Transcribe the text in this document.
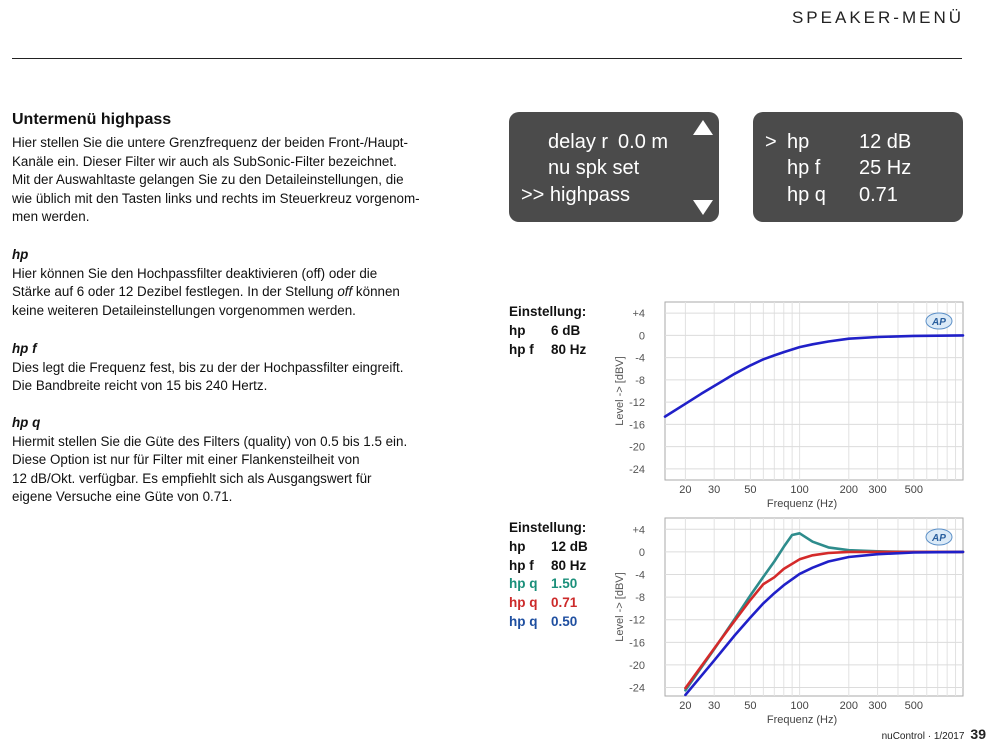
SPEAKER-MENÜ
Untermenü highpass

Hier stellen Sie die untere Grenzfrequenz der beiden Front-/Haupt-

Kanäle ein. Dieser Filter wir auch als SubSonic-Filter bezeichnet.

Mit der Auswahltaste gelangen Sie zu den Detaileinstellungen, die

wie üblich mit den Tasten links und rechts im Steuerkreuz vorgenom-

men werden.

hp

Hier können Sie den Hochpassfilter deaktivieren (off) oder die

Stärke auf 6 oder 12 Dezibel festlegen. In der Stellung off können

keine weiteren Detaileinstellungen vorgenommen werden.

hp f

Dies legt die Frequenz fest, bis zu der der Hochpassfilter eingreift.

Die Bandbreite reicht von 15 bis 240 Hertz.

hp q

Hiermit stellen Sie die Güte des Filters (quality) von 0.5 bis 1.5 ein.

Diese Option ist nur für Filter mit einer Flankensteilheit von

12 dB/Okt. verfügbar. Es empfiehlt sich als Ausgangswert für

eigene Versuche eine Güte von 0.71.

delay r 0.0 m
nu spk set
>> highpass
> hp 12 dB
hp f 25 Hz
hp q 0.71
Einstellung:
hp 6 dB
hp f 80 Hz
Einstellung:
hp 12 dB
hp f 80 Hz
hp q 1.50
hp q 0.71
hp q 0.50
+4
0
-4
-8
-12
-16
-20
-24
20 30 50	100	200 300 500
Frequenz (Hz)
Level -> [dBV]
AP
+4
0
-4
-8
-12
-16
-20
-24
20 30 50	100	200 300 500
Frequenz (Hz)
Level -> [dBV]
AP
nuControl · 1/2017 39
